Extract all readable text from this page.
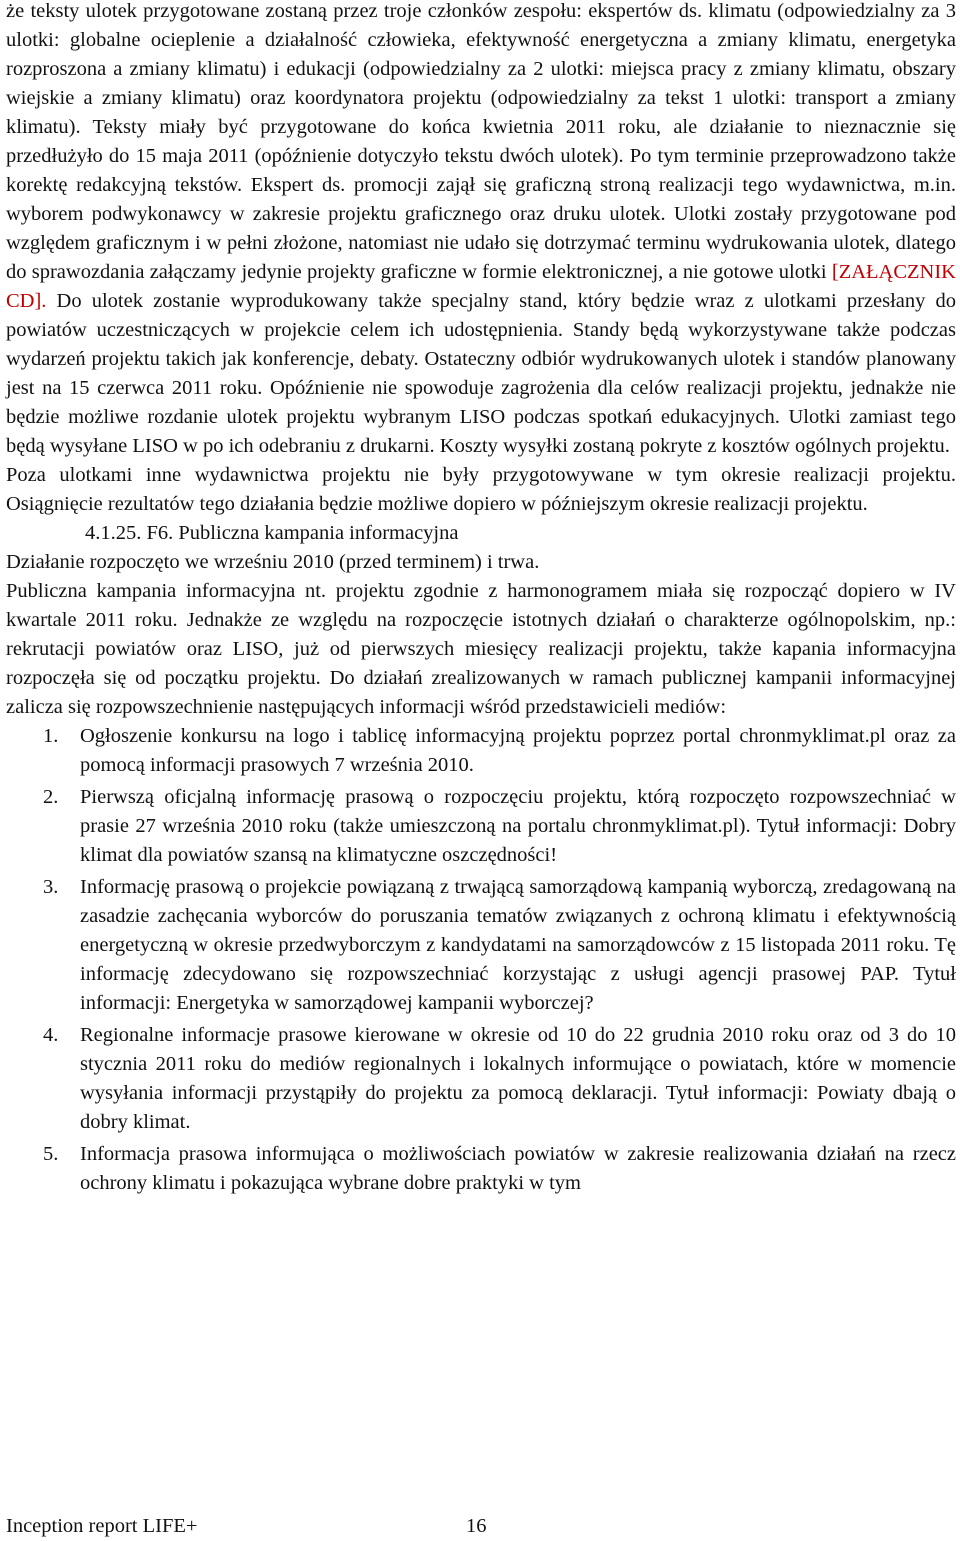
że teksty ulotek przygotowane zostaną przez troje członków zespołu: ekspertów ds. klimatu (odpowiedzialny za 3 ulotki: globalne ocieplenie a działalność człowieka, efektywność energetyczna a zmiany klimatu, energetyka rozproszona a zmiany klimatu) i edukacji (odpowiedzialny za 2 ulotki: miejsca pracy z zmiany klimatu, obszary wiejskie a zmiany klimatu) oraz koordynatora projektu (odpowiedzialny za tekst 1 ulotki: transport a zmiany klimatu). Teksty miały być przygotowane do końca kwietnia 2011 roku, ale działanie to nieznacznie się przedłużyło do 15 maja 2011 (opóźnienie dotyczyło tekstu dwóch ulotek). Po tym terminie przeprowadzono także korektę redakcyjną tekstów. Ekspert ds. promocji zajął się graficzną stroną realizacji tego wydawnictwa, m.in. wyborem podwykonawcy w zakresie projektu graficznego oraz druku ulotek. Ulotki zostały przygotowane pod względem graficznym i w pełni złożone, natomiast nie udało się dotrzymać terminu wydrukowania ulotek, dlatego do sprawozdania załączamy jedynie projekty graficzne w formie elektronicznej, a nie gotowe ulotki [ZAŁĄCZNIK CD]. Do ulotek zostanie wyprodukowany także specjalny stand, który będzie wraz z ulotkami przesłany do powiatów uczestniczących w projekcie celem ich udostępnienia. Standy będą wykorzystywane także podczas wydarzeń projektu takich jak konferencje, debaty. Ostateczny odbiór wydrukowanych ulotek i standów planowany jest na 15 czerwca 2011 roku. Opóźnienie nie spowoduje zagrożenia dla celów realizacji projektu, jednakże nie będzie możliwe rozdanie ulotek projektu wybranym LISO podczas spotkań edukacyjnych. Ulotki zamiast tego będą wysyłane LISO w po ich odebraniu z drukarni. Koszty wysyłki zostaną pokryte z kosztów ogólnych projektu.

Poza ulotkami inne wydawnictwa projektu nie były przygotowywane w tym okresie realizacji projektu. Osiągnięcie rezultatów tego działania będzie możliwe dopiero w późniejszym okresie realizacji projektu.

4.1.25. F6. Publiczna kampania informacyjna

Działanie rozpoczęto we wrześniu 2010 (przed terminem) i trwa.

Publiczna kampania informacyjna nt. projektu zgodnie z harmonogramem miała się rozpocząć dopiero w IV kwartale 2011 roku. Jednakże ze względu na rozpoczęcie istotnych działań o charakterze ogólnopolskim, np.: rekrutacji powiatów oraz LISO, już od pierwszych miesięcy realizacji projektu, także kapania informacyjna rozpoczęła się od początku projektu. Do działań zrealizowanych w ramach publicznej kampanii informacyjnej zalicza się rozpowszechnienie następujących informacji wśród przedstawicieli mediów:

1. Ogłoszenie konkursu na logo i tablicę informacyjną projektu poprzez portal chronmyklimat.pl oraz za pomocą informacji prasowych 7 września 2010.
2. Pierwszą oficjalną informację prasową o rozpoczęciu projektu, którą rozpoczęto rozpowszechniać w prasie 27 września 2010 roku (także umieszczoną na portalu chronmyklimat.pl). Tytuł informacji: Dobry klimat dla powiatów szansą na klimatyczne oszczędności!
3. Informację prasową o projekcie powiązaną z trwającą samorządową kampanią wyborczą, zredagowaną na zasadzie zachęcania wyborców do poruszania tematów związanych z ochroną klimatu i efektywnością energetyczną w okresie przedwyborczym z kandydatami na samorządowców z 15 listopada 2011 roku. Tę informację zdecydowano się rozpowszechniać korzystając z usługi agencji prasowej PAP. Tytuł informacji: Energetyka w samorządowej kampanii wyborczej?
4. Regionalne informacje prasowe kierowane w okresie od 10 do 22 grudnia 2010 roku oraz od 3 do 10 stycznia 2011 roku do mediów regionalnych i lokalnych informujące o powiatach, które w momencie wysyłania informacji przystąpiły do projektu za pomocą deklaracji. Tytuł informacji: Powiaty dbają o dobry klimat.
5. Informacja prasowa informująca o możliwościach powiatów w zakresie realizowania działań na rzecz ochrony klimatu i pokazująca wybrane dobre praktyki w tym
Inception report LIFE+	16
